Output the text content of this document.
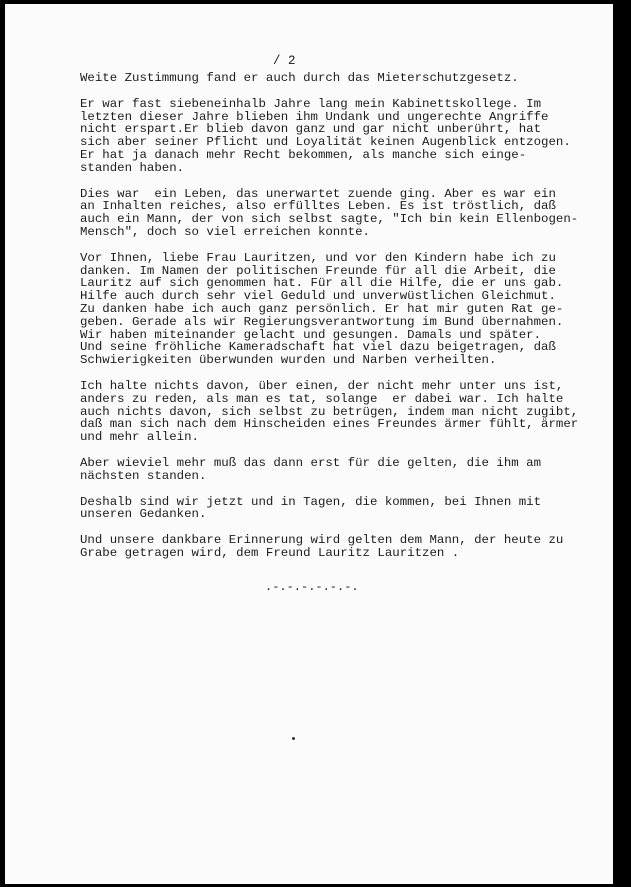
/ 2
Weite Zustimmung fand er auch durch das Mieterschutzgesetz.
Er war fast siebeneinhalb Jahre lang mein Kabinettskollege. Im
letzten dieser Jahre blieben ihm Undank und ungerechte Angriffe
nicht erspart.Er blieb davon ganz und gar nicht unberührt, hat
sich aber seiner Pflicht und Loyalität keinen Augenblick entzogen.
Er hat ja danach mehr Recht bekommen, als manche sich einge-
standen haben.
Dies war  ein Leben, das unerwartet zuende ging. Aber es war ein
an Inhalten reiches, also erfülltes Leben. Es ist tröstlich, daß
auch ein Mann, der von sich selbst sagte, "Ich bin kein Ellenbogen-
Mensch", doch so viel erreichen konnte.
Vor Ihnen, liebe Frau Lauritzen, und vor den Kindern habe ich zu
danken. Im Namen der politischen Freunde für all die Arbeit, die
Lauritz auf sich genommen hat. Für all die Hilfe, die er uns gab.
Hilfe auch durch sehr viel Geduld und unverwüstlichen Gleichmut.
Zu danken habe ich auch ganz persönlich. Er hat mir guten Rat ge-
geben. Gerade als wir Regierungsverantwortung im Bund übernahmen.
Wir haben miteinander gelacht und gesungen. Damals und später.
Und seine fröhliche Kameradschaft hat viel dazu beigetragen, daß
Schwierigkeiten überwunden wurden und Narben verheilten.
Ich halte nichts davon, über einen, der nicht mehr unter uns ist,
anders zu reden, als man es tat, solange  er dabei war. Ich halte
auch nichts davon, sich selbst zu betrügen, indem man nicht zugibt,
daß man sich nach dem Hinscheiden eines Freundes ärmer fühlt, ärmer
und mehr allein.
Aber wieviel mehr muß das dann erst für die gelten, die ihm am
nächsten standen.
Deshalb sind wir jetzt und in Tagen, die kommen, bei Ihnen mit
unseren Gedanken.
Und unsere dankbare Erinnerung wird gelten dem Mann, der heute zu
Grabe getragen wird, dem Freund Lauritz Lauritzen .
.-.-.-.-.-.-.
